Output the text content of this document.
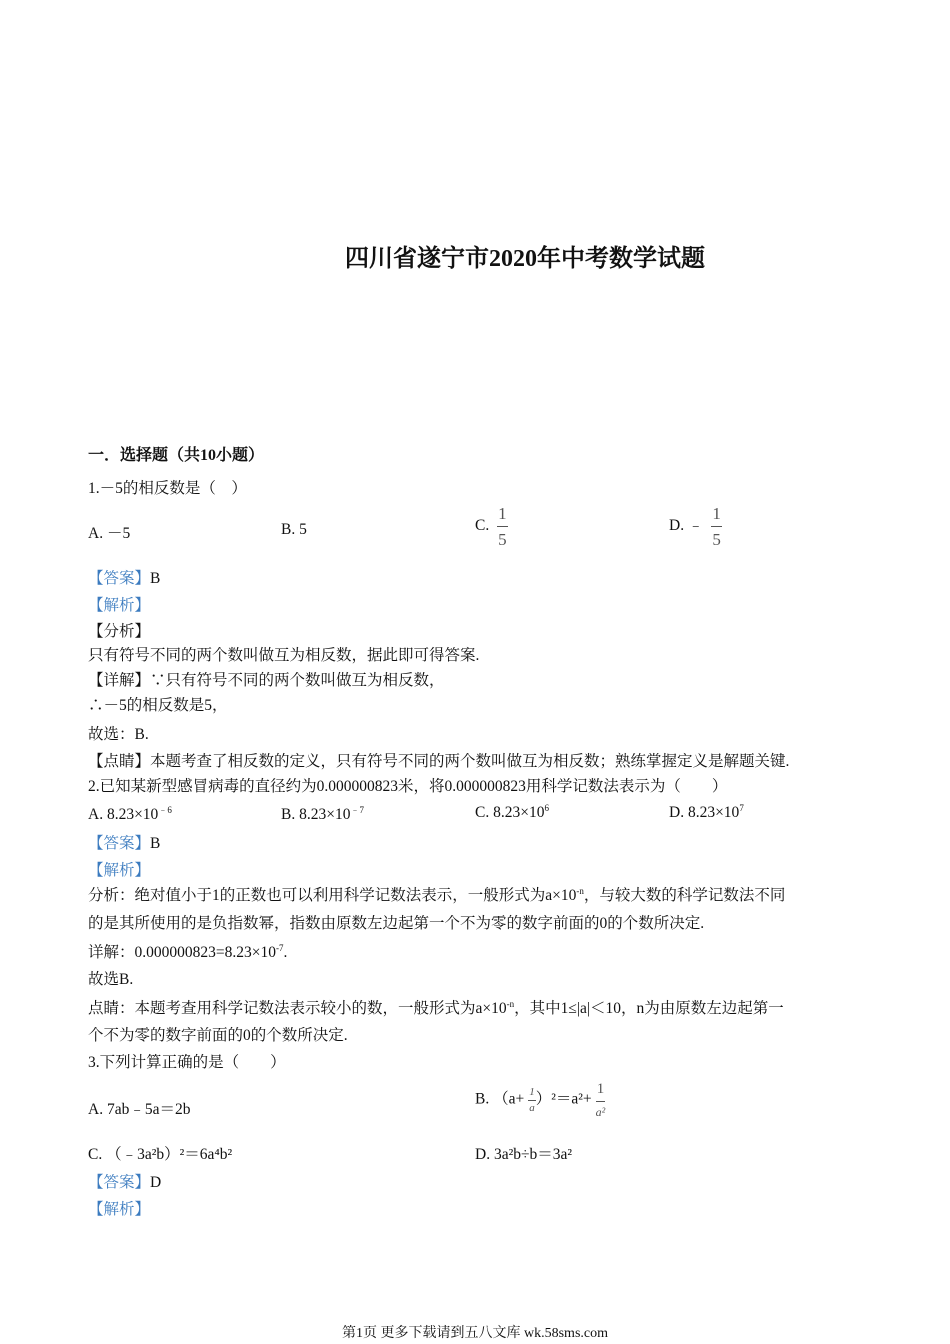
四川省遂宁市2020年中考数学试题
一．选择题（共10小题）
1.－5的相反数是（　）
A. －5	B. 5	C. $\frac{1}{5}$	D. ﹣ $\frac{1}{5}$
【答案】B
【解析】
【分析】
只有符号不同的两个数叫做互为相反数，据此即可得答案.
【详解】∵只有符号不同的两个数叫做互为相反数，
∴－5的相反数是5，
故选：B.
【点睛】本题考查了相反数的定义，只有符号不同的两个数叫做互为相反数；熟练掌握定义是解题关键.
2.已知某新型感冒病毒的直径约为0.000000823米，将0.000000823用科学记数法表示为（　　）
A. $8.23\times 10^{﹣6}$	B. $8.23\times 10^{﹣7}$	C. $8.23\times 10^6$	D. $8.23\times 10^7$
【答案】B
【解析】
分析：绝对值小于1的正数也可以利用科学记数法表示，一般形式为$a\times 10^{-n}$，与较大数的科学记数法不同
的是其所使用的是负指数幂，指数由原数左边起第一个不为零的数字前面的0的个数所决定.
详解：$0.000000823=8.23\times 10^{-7}$.
故选B.
点睛：本题考查用科学记数法表示较小的数，一般形式为$a\times 10^{-n}$，其中1≤|a|＜10，n为由原数左边起第一
个不为零的数字前面的0的个数所决定.
3.下列计算正确的是（　　）
A. 7ab﹣5a＝2b
B. $(a+ \frac{1}{a} )^2=a^2+ \frac{1}{\text{a²}}$
C. （﹣3a²b）²＝6a⁴b²	D. 3a²b÷b＝3a²
【答案】D
【解析】
第1页 更多下载请到五八文库 wk.58sms.com
